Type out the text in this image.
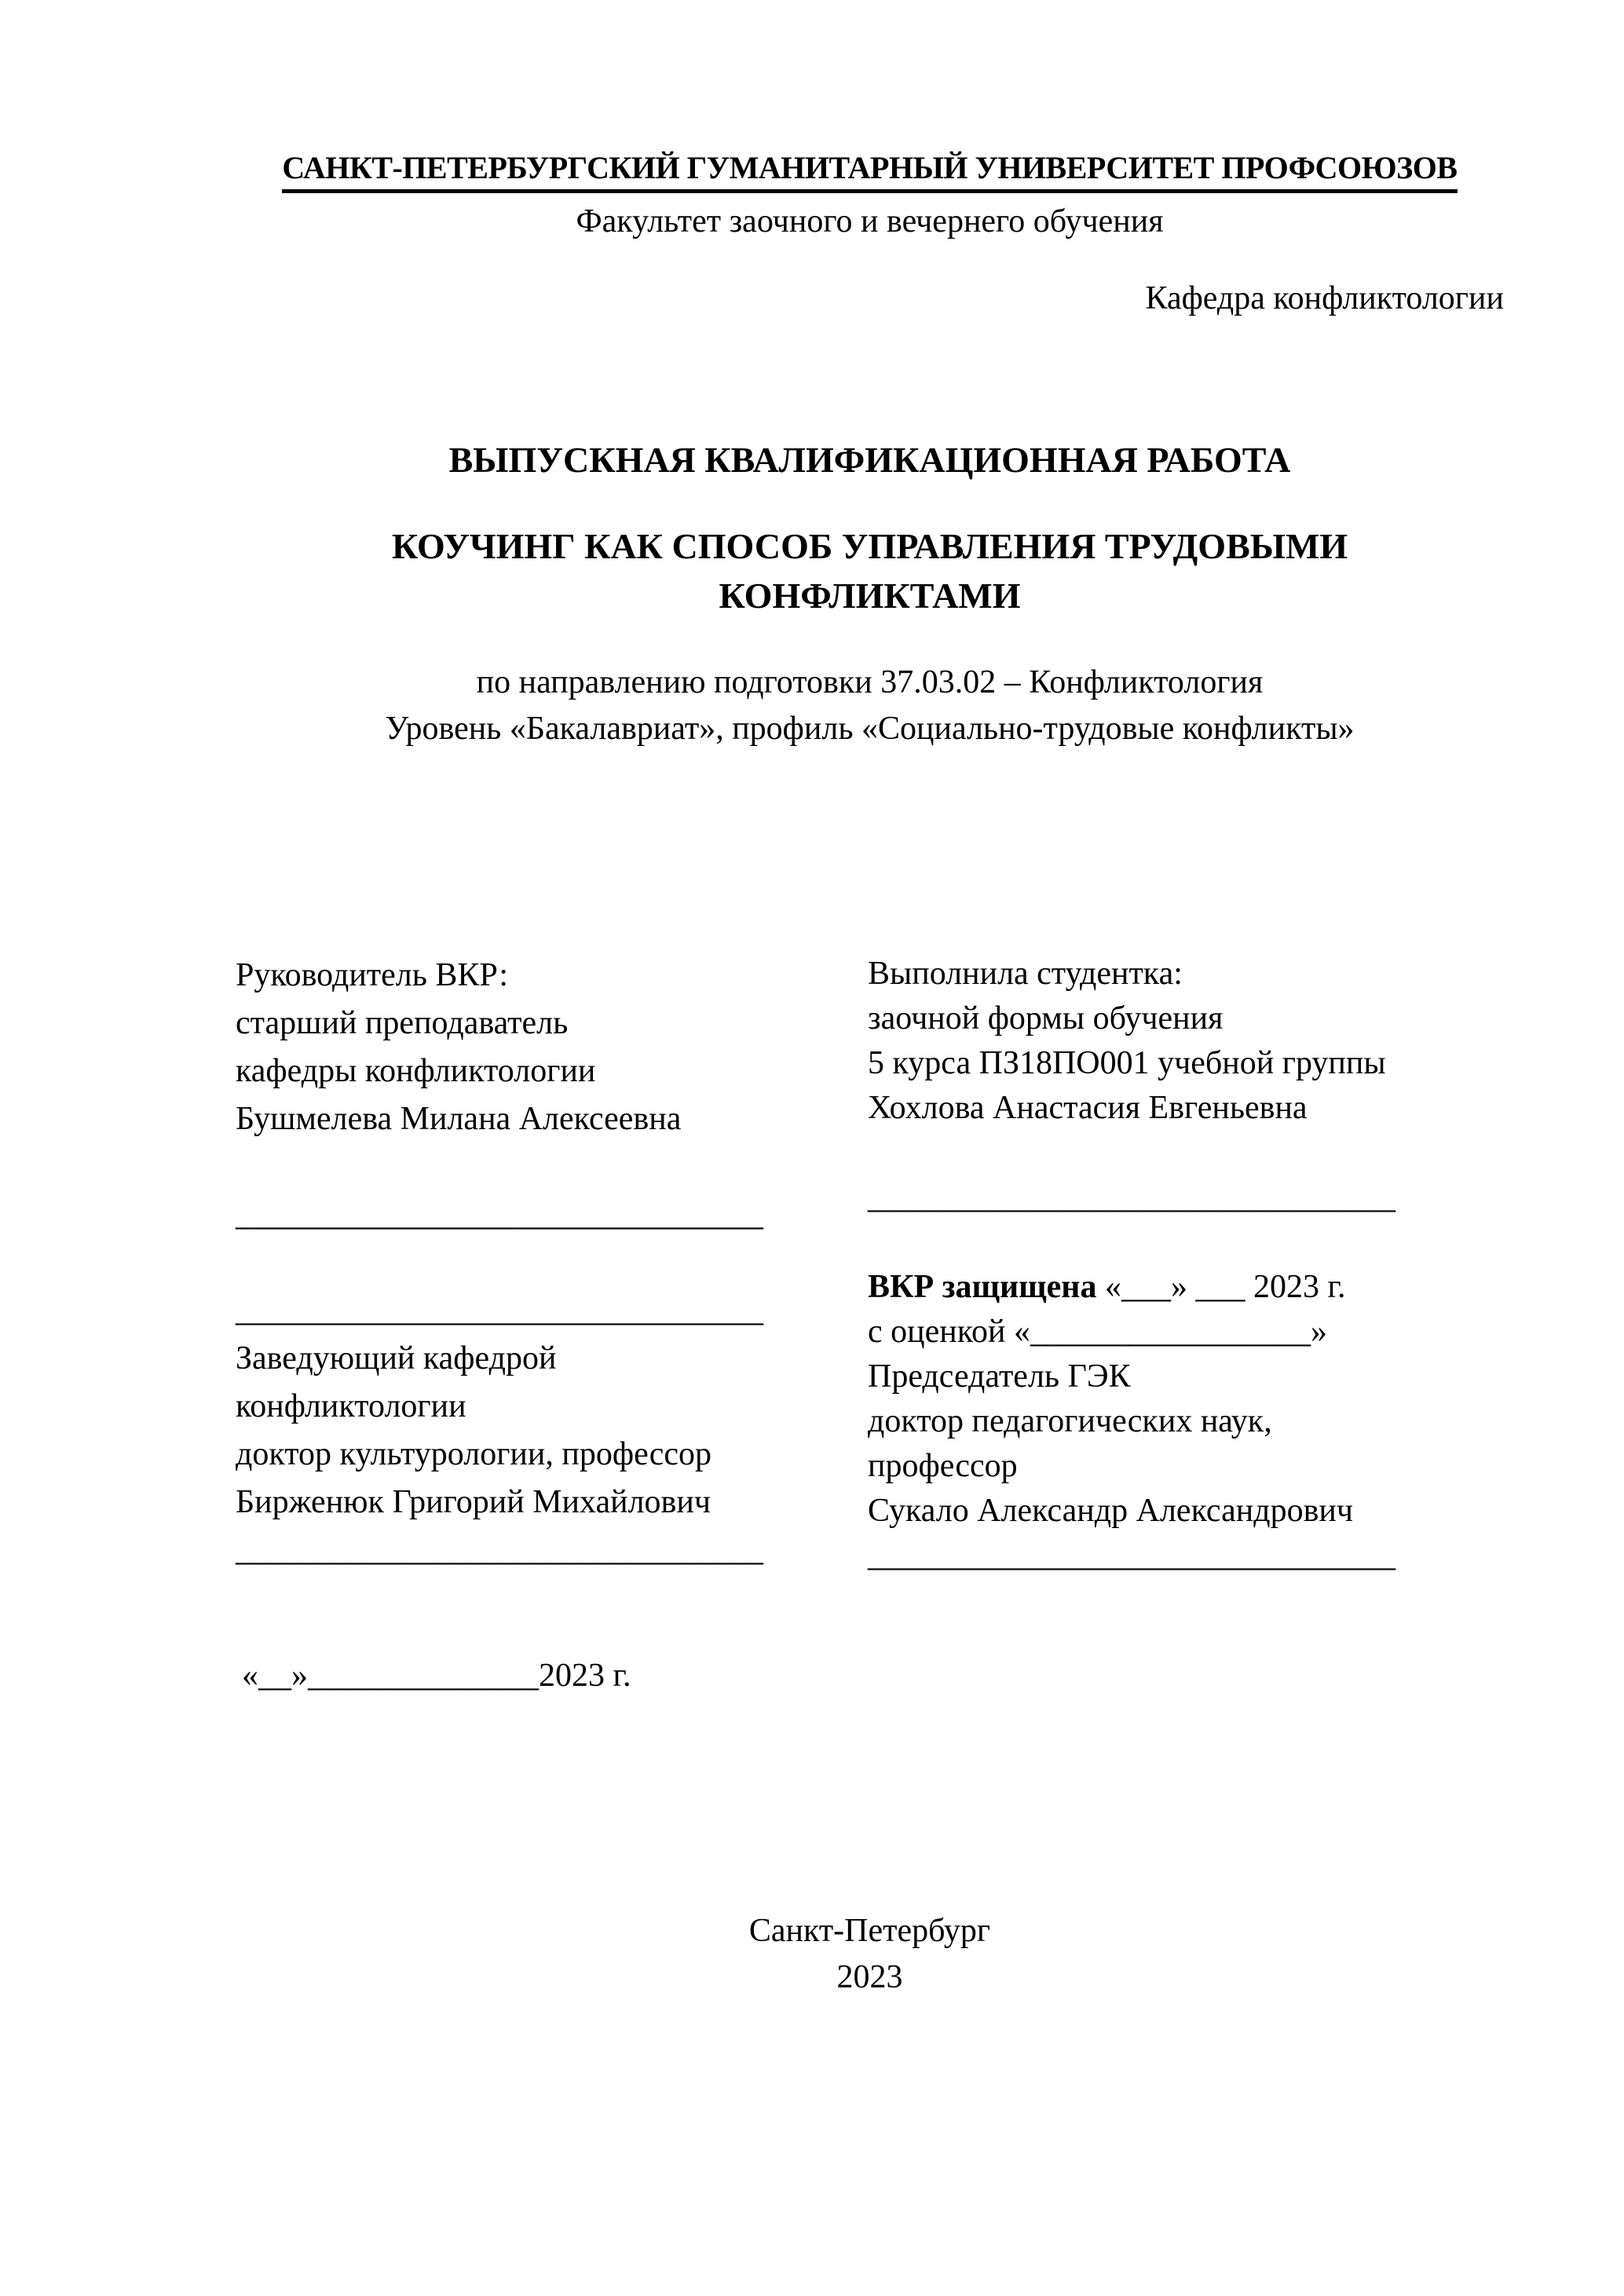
САНКТ-ПЕТЕРБУРГСКИЙ ГУМАНИТАРНЫЙ УНИВЕРСИТЕТ ПРОФСОЮЗОВ
Факультет заочного и вечернего обучения
Кафедра конфликтологии
ВЫПУСКНАЯ КВАЛИФИКАЦИОННАЯ РАБОТА
КОУЧИНГ КАК СПОСОБ УПРАВЛЕНИЯ ТРУДОВЫМИ
КОНФЛИКТАМИ
по направлению подготовки 37.03.02 – Конфликтология
Уровень «Бакалавриат», профиль «Социально-трудовые конфликты»
Руководитель ВКР:
старший преподаватель
кафедры конфликтологии
Бушмелева Милана Алексеевна
________________________________
________________________________
Заведующий кафедрой
конфликтологии
доктор культурологии, профессор
Бирженюк Григорий Михайлович
________________________________
Выполнила студентка:
заочной формы обучения
5 курса ПЗ18ПО001 учебной группы
Хохлова Анастасия Евгеньевна
________________________________
ВКР защищена «___» ___ 2023 г.
с оценкой «_________________»
Председатель ГЭК
доктор педагогических наук,
профессор
Сукало Александр Александрович
________________________________
«__»______________2023 г.
Санкт-Петербург
2023
